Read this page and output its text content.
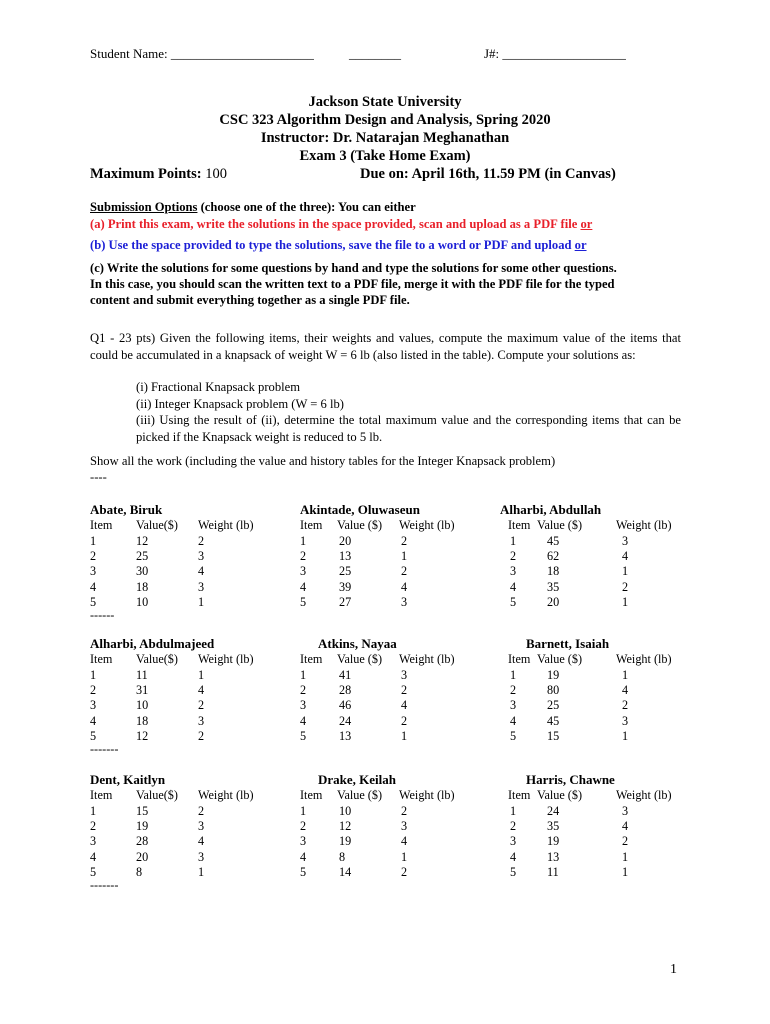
Student Name: ______________________	________	J#: ___________________
Jackson State University
CSC 323 Algorithm Design and Analysis, Spring 2020
Instructor: Dr. Natarajan Meghanathan
Exam 3 (Take Home Exam)
Maximum Points: 100	Due on: April 16th, 11.59 PM (in Canvas)
Submission Options (choose one of the three): You can either
(a) Print this exam, write the solutions in the space provided, scan and upload as a PDF file or
(b) Use the space provided to type the solutions, save the file to a word or PDF and upload or
(c) Write the solutions for some questions by hand and type the solutions for some other questions.
In this case, you should scan the written text to a PDF file, merge it with the PDF file for the typed
content and submit everything together as a single PDF file.
Q1 - 23 pts) Given the following items, their weights and values, compute the maximum value of the items that could be accumulated in a knapsack of weight W = 6 lb (also listed in the table). Compute your solutions as:
(i) Fractional Knapsack problem
(ii) Integer Knapsack problem (W = 6 lb)
(iii) Using the result of (ii), determine the total maximum value and the corresponding items that can be picked if the Knapsack weight is reduced to 5 lb.
Show all the work (including the value and history tables for the Integer Knapsack problem)
----
Abate, Biruk
Item Value($) Weight (lb)
1	12	2
2	25	3
3	30	4
4	18	3
5	10	1
------
Akintade, Oluwaseun
Item Value ($) Weight (lb)
1	20	2
2	13	1
3	25	2
4	39	4
5	27	3
Alharbi, Abdullah
Item Value ($)	Weight (lb)
1	45	3
2	62	4
3	18	1
4	35	2
5	20	1
Alharbi, Abdulmajeed
Item Value($) Weight (lb)
1	11	1
2	31	4
3	10	2
4	18	3
5	12	2
-------
Atkins, Nayaa
Item Value ($) Weight (lb)
1	41	3
2	28	2
3	46	4
4	24	2
5	13	1
Barnett, Isaiah
Item Value ($)	Weight (lb)
1	19	1
2	80	4
3	25	2
4	45	3
5	15	1
Dent, Kaitlyn
Item Value($) Weight (lb)
1	15	2
2	19	3
3	28	4
4	20	3
5	8	1
-------
Drake, Keilah
Item Value ($) Weight (lb)
1	10	2
2	12	3
3	19	4
4	8	1
5	14	2
Harris, Chawne
Item Value ($)	Weight (lb)
1	24	3
2	35	4
3	19	2
4	13	1
5	11	1
1
